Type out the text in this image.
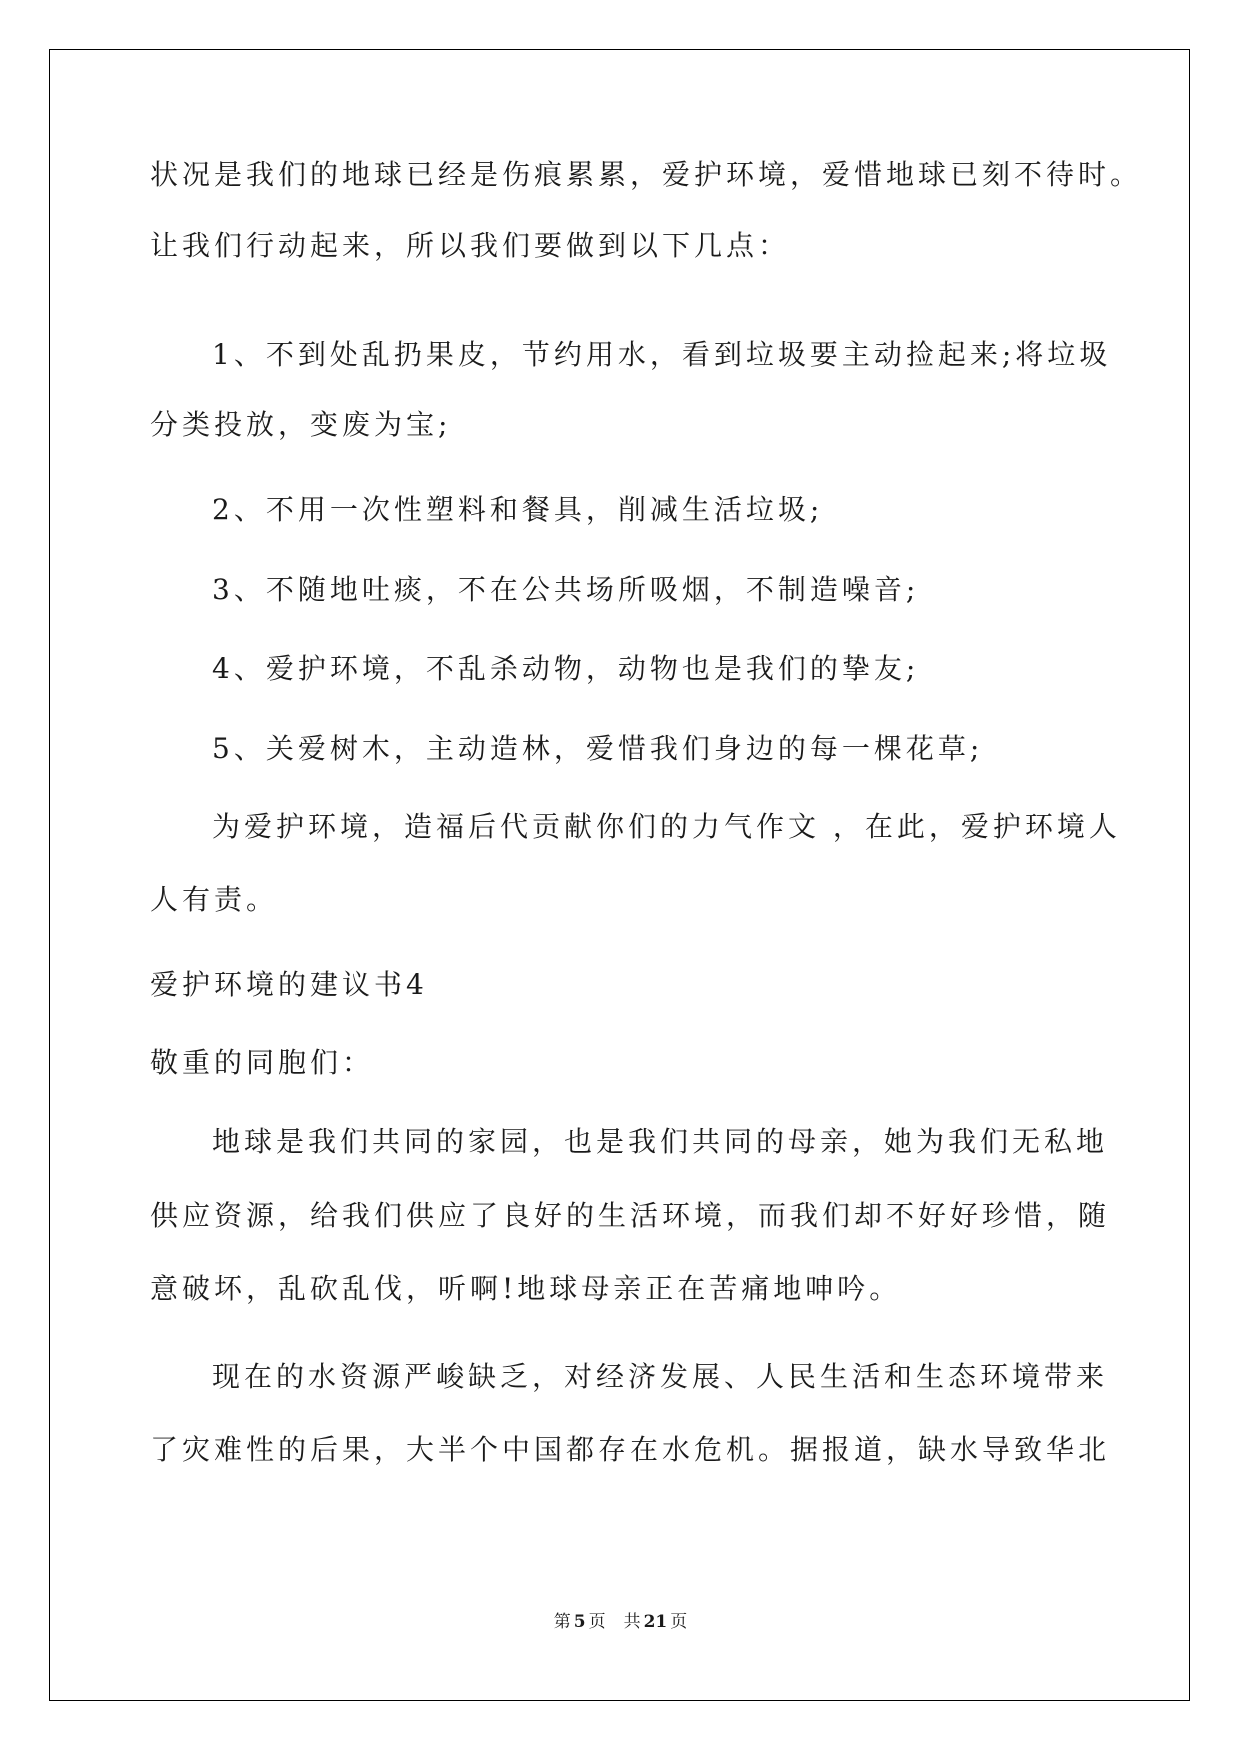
状况是我们的地球已经是伤痕累累，爱护环境，爱惜地球已刻不待时。
让我们行动起来，所以我们要做到以下几点：
1、不到处乱扔果皮，节约用水，看到垃圾要主动捡起来;将垃圾
分类投放，变废为宝;
2、不用一次性塑料和餐具，削减生活垃圾;
3、不随地吐痰，不在公共场所吸烟，不制造噪音;
4、爱护环境，不乱杀动物，动物也是我们的挚友;
5、关爱树木，主动造林，爱惜我们身边的每一棵花草;
为爱护环境，造福后代贡献你们的力气作文 ，在此，爱护环境人
人有责。
爱护环境的建议书4
敬重的同胞们：
地球是我们共同的家园，也是我们共同的母亲，她为我们无私地
供应资源，给我们供应了良好的生活环境，而我们却不好好珍惜，随
意破坏，乱砍乱伐，听啊!地球母亲正在苦痛地呻吟。
现在的水资源严峻缺乏，对经济发展、人民生活和生态环境带来
了灾难性的后果，大半个中国都存在水危机。据报道，缺水导致华北
第 5 页 共 21 页
